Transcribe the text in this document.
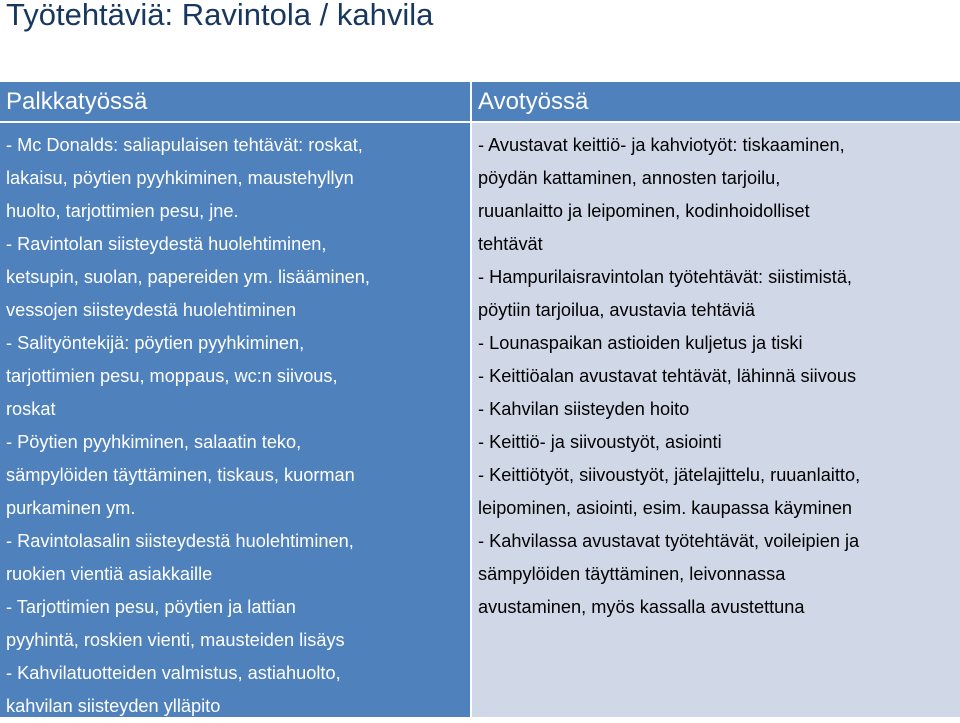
Työtehtäviä: Ravintola / kahvila
Palkkatyössä
- Mc Donalds: saliapulaisen tehtävät: roskat,
lakaisu, pöytien pyyhkiminen, maustehyllyn
huolto, tarjottimien pesu, jne.
- Ravintolan siisteydestä huolehtiminen,
ketsupin, suolan, papereiden ym. lisääminen,
vessojen siisteydestä huolehtiminen
- Salityöntekijä: pöytien pyyhkiminen,
tarjottimien pesu, moppaus, wc:n siivous,
roskat
- Pöytien pyyhkiminen, salaatin teko,
sämpylöiden täyttäminen, tiskaus, kuorman
purkaminen ym.
- Ravintolasalin siisteydestä huolehtiminen,
ruokien vientiä asiakkaille
- Tarjottimien pesu, pöytien ja lattian
pyyhintä, roskien vienti, mausteiden lisäys
- Kahvilatuotteiden valmistus, astiahuolto,
kahvilan siisteyden ylläpito
Avotyössä
- Avustavat keittiö- ja kahviotyöt: tiskaaminen,
pöydän kattaminen, annosten tarjoilu,
ruuanlaitto ja leipominen, kodinhoidolliset
tehtävät
- Hampurilaisravintolan työtehtävät: siistimistä,
pöytiin tarjoilua, avustavia tehtäviä
- Lounaspaikan astioiden kuljetus ja tiski
- Keittiöalan avustavat tehtävät, lähinnä siivous
- Kahvilan siisteyden hoito
- Keittiö- ja siivoustyöt, asiointi
- Keittiötyöt, siivoustyöt, jätelajittelu, ruuanlaitto,
leipominen, asiointi, esim. kaupassa käyminen
- Kahvilassa avustavat työtehtävät, voileipien ja
sämpylöiden täyttäminen, leivonnassa
avustaminen, myös kassalla avustettuna
